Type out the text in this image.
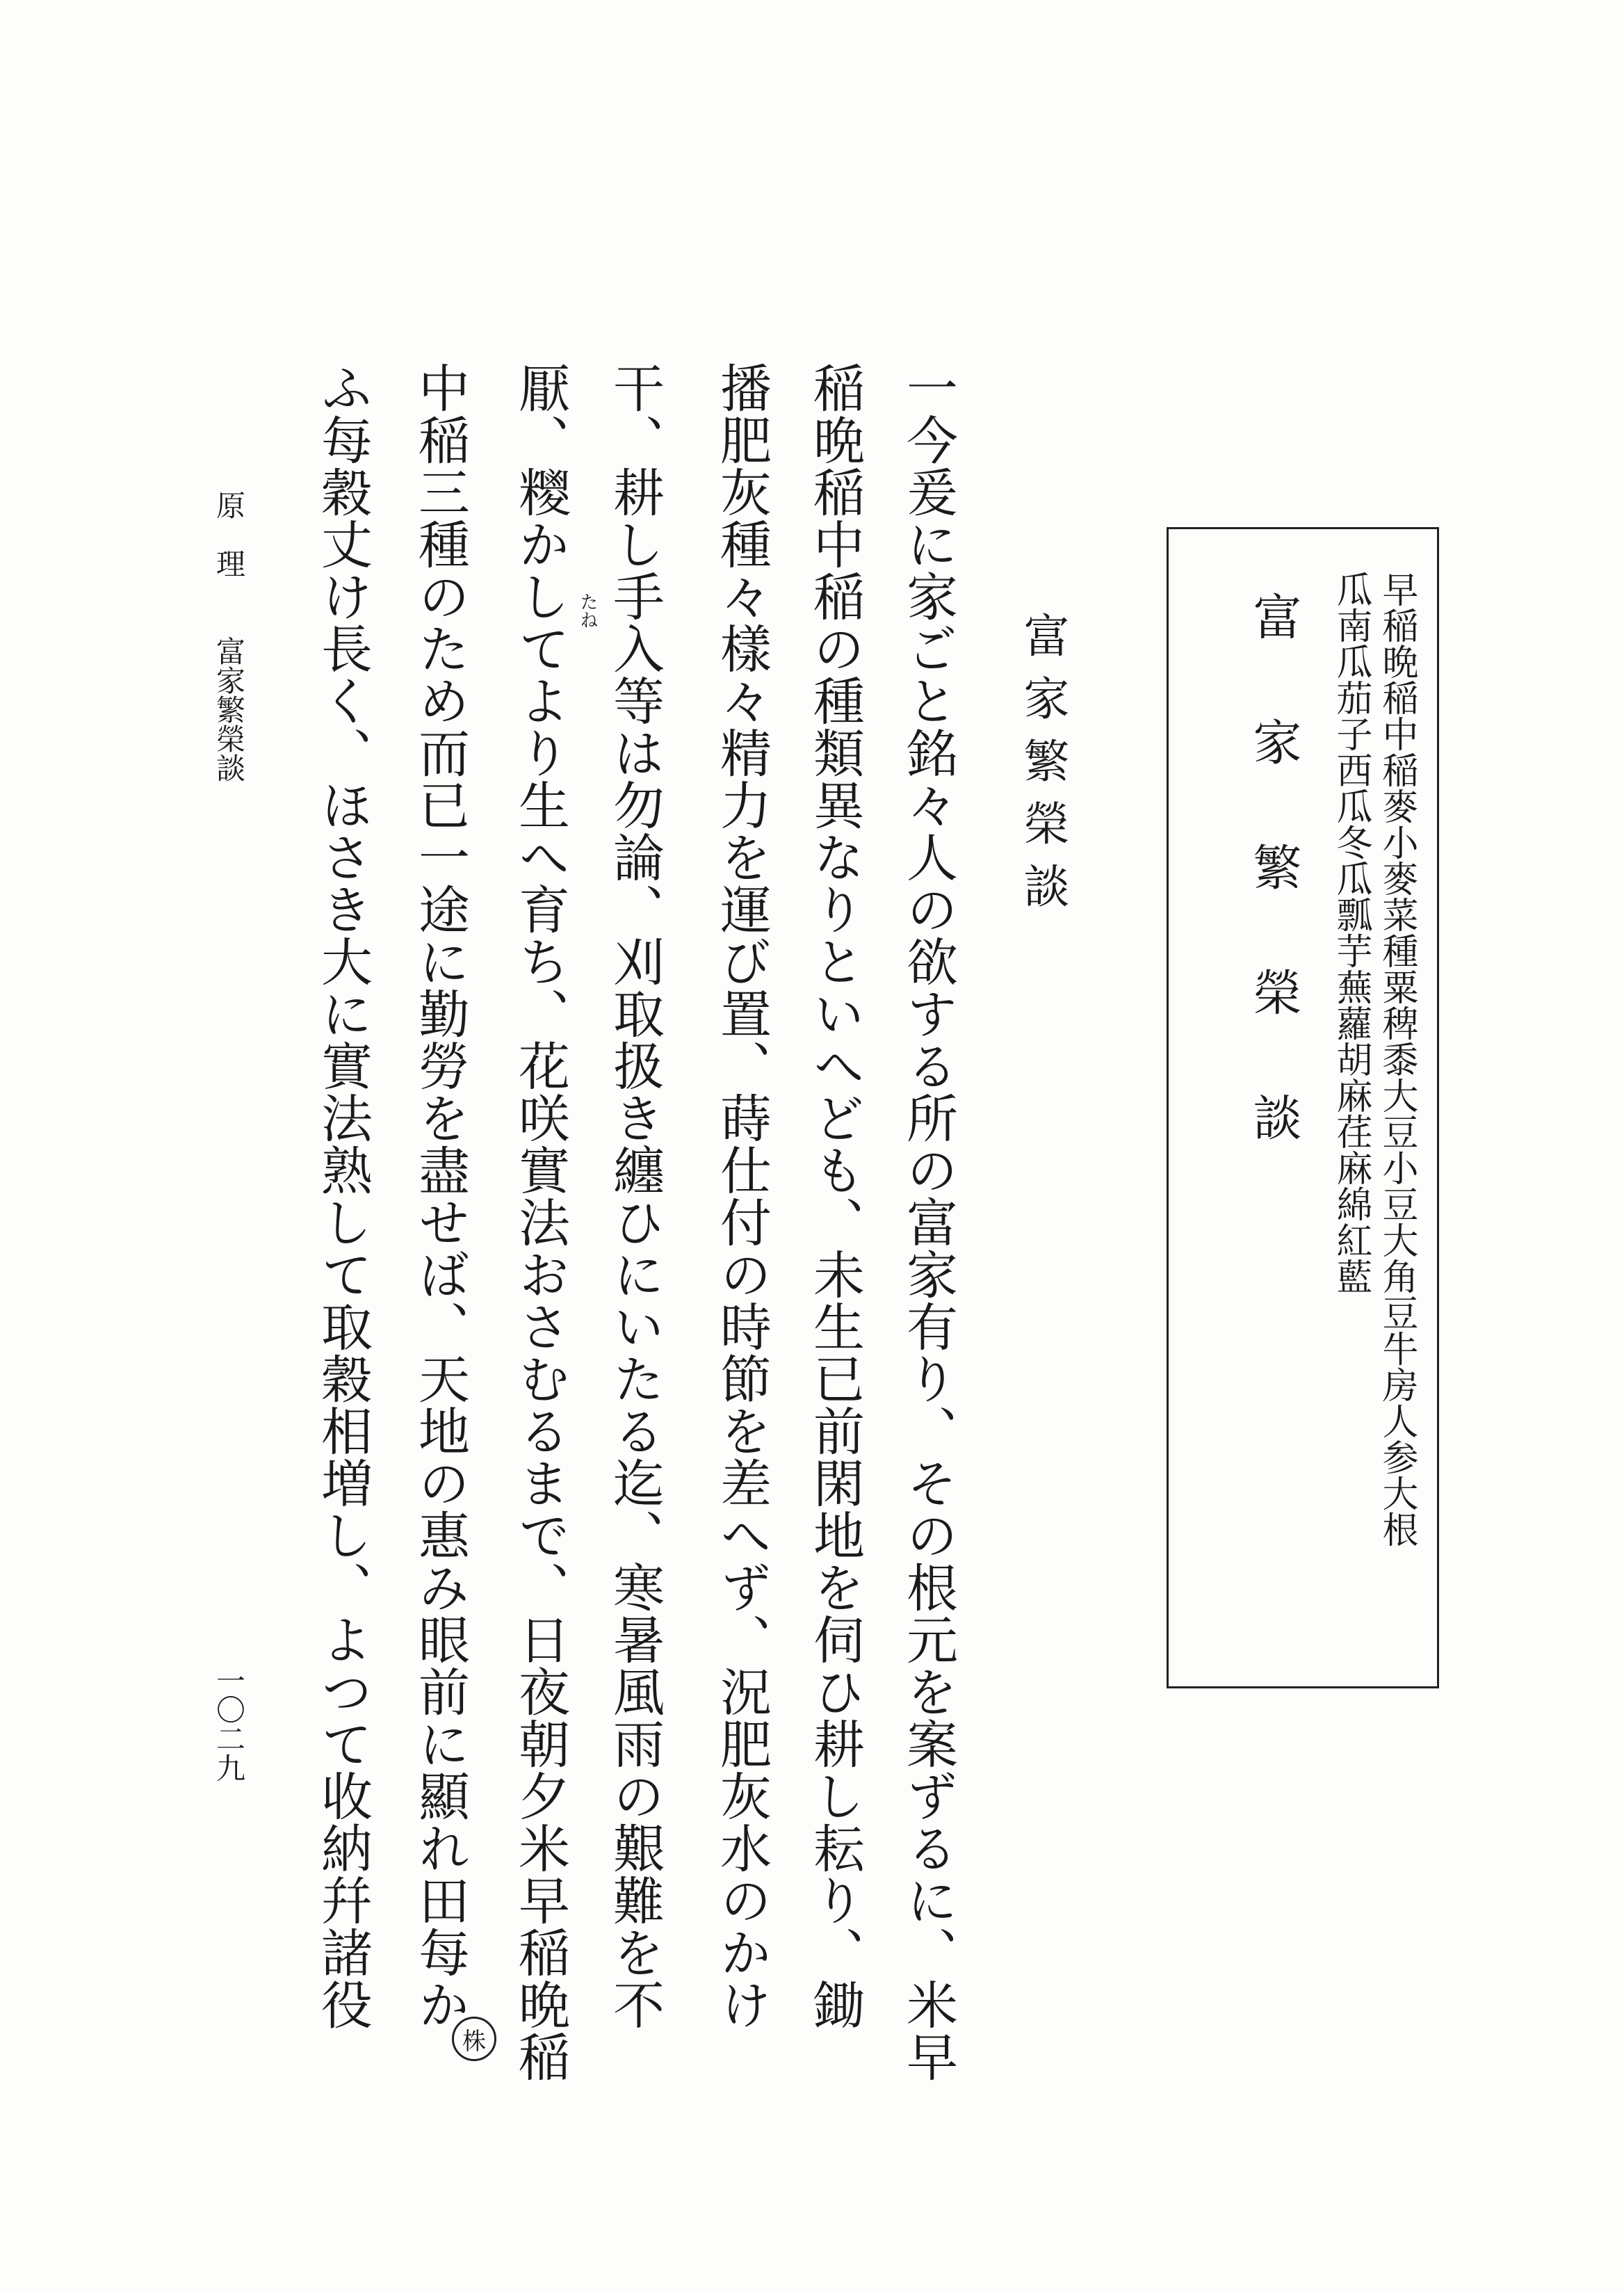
早稲晩稲中稲麥小麥菜種粟稗黍大豆小豆大角豆牛房人参大根
瓜南瓜茄子西瓜冬瓜瓢芋蕪蘿胡麻荏麻綿紅藍
富家繁榮談
一今爰に家ごと銘々人の欲する所の富家有り、その根元を案ずるに、米早
稲晩稲中稲の種類異なりといへども、未生已前閑地を伺ひ耕し耘り、鋤
播肥灰種々樣々精力を運び置、蒔仕付の時節を差へず、況肥灰水のかけ
干、耕し手入等は勿論、刈取扱き纏ひにいたる迄、寒暑風雨の艱難を不
厭、糭かしてより生へ育ち、花咲實法おさむるまで、日夜朝夕米早稲晩稲
中稲三種のため而已一途に勤勞を盡せば、天地の惠み眼前に顯れ田每か
ふ每穀丈け長く、ほさき大に實法熟して取穀相増し、よつて收納幷諸役	たね
株
富家繁榮談
原　理　　富家繁榮談
一〇二九
